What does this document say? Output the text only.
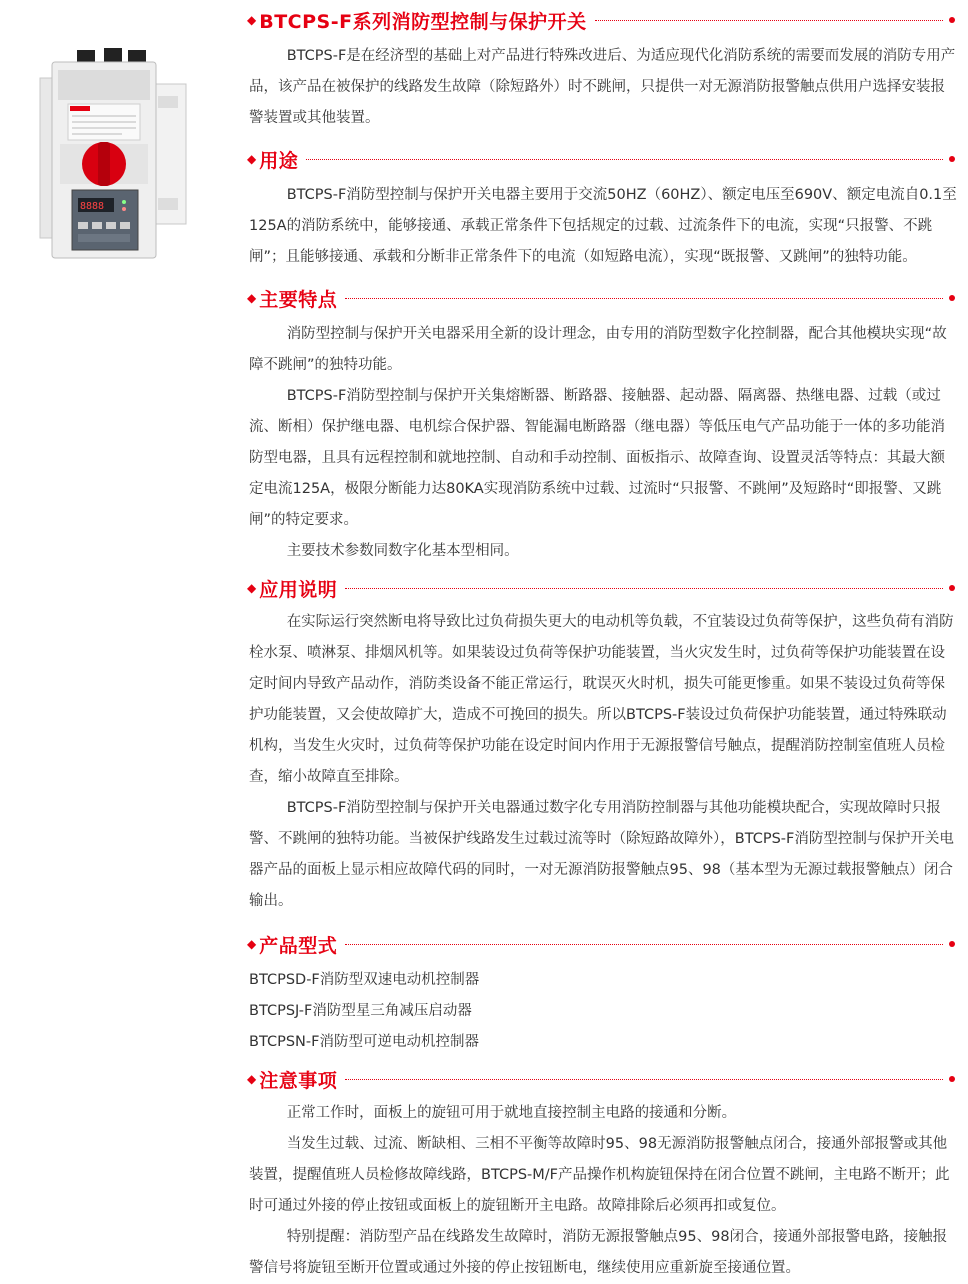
8888
◆ BTCPS-F系列消防型控制与保护开关

BTCPS-F是在经济型的基础上对产品进行特殊改进后、为适应现代化消防系统的需要而发展的消防专用产品，该产品在被保护的线路发生故障（除短路外）时不跳闸，只提供一对无源消防报警触点供用户选择安装报警装置或其他装置。

◆ 用途

BTCPS-F消防型控制与保护开关电器主要用于交流50HZ（60HZ）、额定电压至690V、额定电流自0.1至125A的消防系统中，能够接通、承载正常条件下包括规定的过载、过流条件下的电流，实现“只报警、不跳闸”；且能够接通、承载和分断非正常条件下的电流（如短路电流），实现“既报警、又跳闸”的独特功能。

◆ 主要特点

消防型控制与保护开关电器采用全新的设计理念，由专用的消防型数字化控制器，配合其他模块实现“故障不跳闸”的独特功能。

BTCPS-F消防型控制与保护开关集熔断器、断路器、接触器、起动器、隔离器、热继电器、过载（或过流、断相）保护继电器、电机综合保护器、智能漏电断路器（继电器）等低压电气产品功能于一体的多功能消防型电器，且具有远程控制和就地控制、自动和手动控制、面板指示、故障查询、设置灵活等特点：其最大额定电流125A，极限分断能力达80KA实现消防系统中过载、过流时“只报警、不跳闸”及短路时“即报警、又跳闸”的特定要求。

主要技术参数同数字化基本型相同。

◆ 应用说明

在实际运行突然断电将导致比过负荷损失更大的电动机等负载，不宜装设过负荷等保护，这些负荷有消防栓水泵、喷淋泵、排烟风机等。如果装设过负荷等保护功能装置，当火灾发生时，过负荷等保护功能装置在设定时间内导致产品动作，消防类设备不能正常运行，耽误灭火时机，损失可能更惨重。如果不装设过负荷等保护功能装置，又会使故障扩大，造成不可挽回的损失。所以BTCPS-F装设过负荷保护功能装置，通过特殊联动机构，当发生火灾时，过负荷等保护功能在设定时间内作用于无源报警信号触点，提醒消防控制室值班人员检查，缩小故障直至排除。

BTCPS-F消防型控制与保护开关电器通过数字化专用消防控制器与其他功能模块配合，实现故障时只报警、不跳闸的独特功能。当被保护线路发生过载过流等时（除短路故障外），BTCPS-F消防型控制与保护开关电器产品的面板上显示相应故障代码的同时，一对无源消防报警触点95、98（基本型为无源过载报警触点）闭合输出。

◆ 产品型式

BTCPSD-F消防型双速电动机控制器

BTCPSJ-F消防型星三角减压启动器

BTCPSN-F消防型可逆电动机控制器

◆ 注意事项

正常工作时，面板上的旋钮可用于就地直接控制主电路的接通和分断。

当发生过载、过流、断缺相、三相不平衡等故障时95、98无源消防报警触点闭合，接通外部报警或其他装置，提醒值班人员检修故障线路，BTCPS-M/F产品操作机构旋钮保持在闭合位置不跳闸，主电路不断开；此时可通过外接的停止按钮或面板上的旋钮断开主电路。故障排除后必须再扣或复位。

特别提醒：消防型产品在线路发生故障时，消防无源报警触点95、98闭合，接通外部报警电路，接触报警信号将旋钮至断开位置或通过外接的停止按钮断电，继续使用应重新旋至接通位置。
